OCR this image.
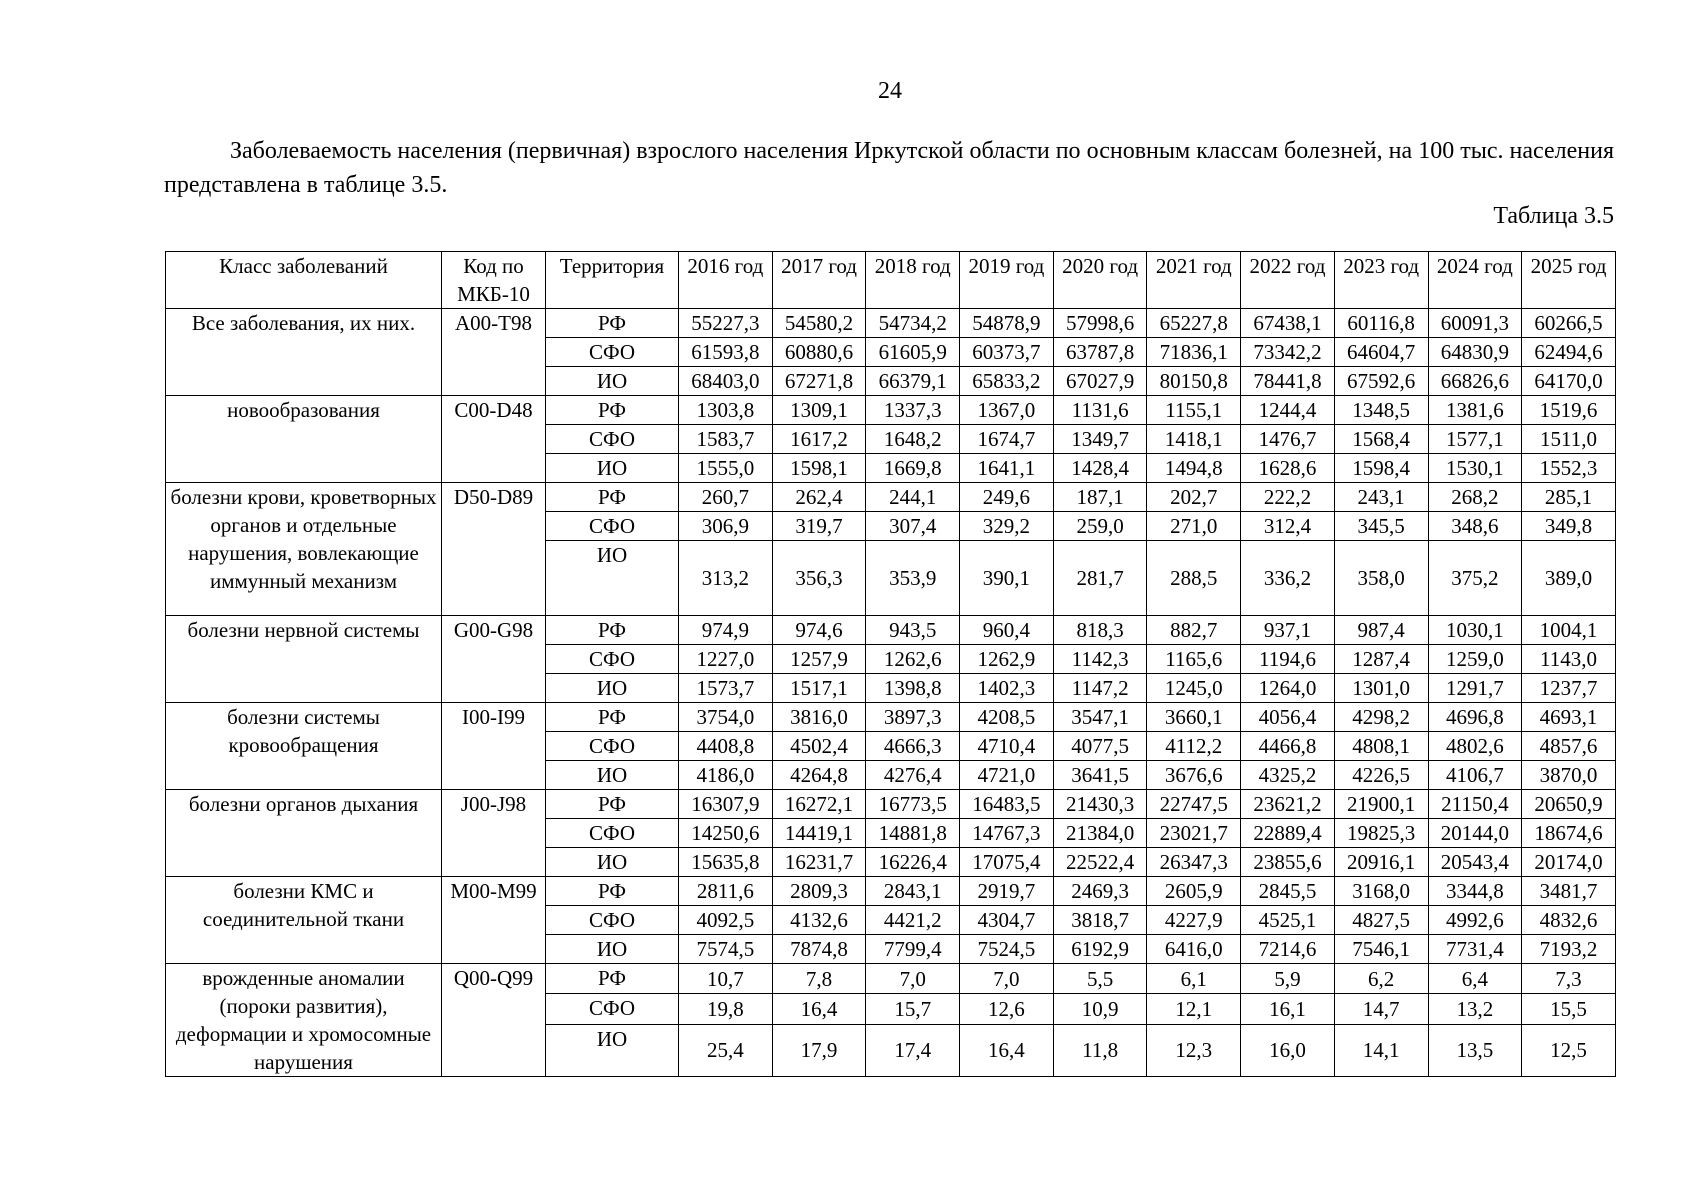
24
Заболеваемость населения (первичная) взрослого населения Иркутской области по основным классам болезней, на 100 тыс. населения представлена в таблице 3.5.
Таблица 3.5
Класс заболеваний	Код по МКБ-10	Территория	2016 год	2017 год	2018 год	2019 год	2020 год	2021 год	2022 год	2023 год	2024 год	2025 год
Все заболевания, их них.	A00-T98	РФ	55227,3	54580,2	54734,2	54878,9	57998,6	65227,8	67438,1	60116,8	60091,3	60266,5
		СФО	61593,8	60880,6	61605,9	60373,7	63787,8	71836,1	73342,2	64604,7	64830,9	62494,6
		ИО	68403,0	67271,8	66379,1	65833,2	67027,9	80150,8	78441,8	67592,6	66826,6	64170,0
новообразования	C00-D48	РФ	1303,8	1309,1	1337,3	1367,0	1131,6	1155,1	1244,4	1348,5	1381,6	1519,6
		СФО	1583,7	1617,2	1648,2	1674,7	1349,7	1418,1	1476,7	1568,4	1577,1	1511,0
		ИО	1555,0	1598,1	1669,8	1641,1	1428,4	1494,8	1628,6	1598,4	1530,1	1552,3
болезни крови, кроветворных органов и отдельные нарушения, вовлекающие иммунный механизм	D50-D89	РФ	260,7	262,4	244,1	249,6	187,1	202,7	222,2	243,1	268,2	285,1
		СФО	306,9	319,7	307,4	329,2	259,0	271,0	312,4	345,5	348,6	349,8
		ИО	313,2	356,3	353,9	390,1	281,7	288,5	336,2	358,0	375,2	389,0
болезни нервной системы	G00-G98	РФ	974,9	974,6	943,5	960,4	818,3	882,7	937,1	987,4	1030,1	1004,1
		СФО	1227,0	1257,9	1262,6	1262,9	1142,3	1165,6	1194,6	1287,4	1259,0	1143,0
		ИО	1573,7	1517,1	1398,8	1402,3	1147,2	1245,0	1264,0	1301,0	1291,7	1237,7
болезни системы кровообращения	I00-I99	РФ	3754,0	3816,0	3897,3	4208,5	3547,1	3660,1	4056,4	4298,2	4696,8	4693,1
		СФО	4408,8	4502,4	4666,3	4710,4	4077,5	4112,2	4466,8	4808,1	4802,6	4857,6
		ИО	4186,0	4264,8	4276,4	4721,0	3641,5	3676,6	4325,2	4226,5	4106,7	3870,0
болезни органов дыхания	J00-J98	РФ	16307,9	16272,1	16773,5	16483,5	21430,3	22747,5	23621,2	21900,1	21150,4	20650,9
		СФО	14250,6	14419,1	14881,8	14767,3	21384,0	23021,7	22889,4	19825,3	20144,0	18674,6
		ИО	15635,8	16231,7	16226,4	17075,4	22522,4	26347,3	23855,6	20916,1	20543,4	20174,0
болезни КМС и соединительной ткани	M00-M99	РФ	2811,6	2809,3	2843,1	2919,7	2469,3	2605,9	2845,5	3168,0	3344,8	3481,7
		СФО	4092,5	4132,6	4421,2	4304,7	3818,7	4227,9	4525,1	4827,5	4992,6	4832,6
		ИО	7574,5	7874,8	7799,4	7524,5	6192,9	6416,0	7214,6	7546,1	7731,4	7193,2
врожденные аномалии (пороки развития), деформации и хромосомные нарушения	Q00-Q99	РФ	10,7	7,8	7,0	7,0	5,5	6,1	5,9	6,2	6,4	7,3
		СФО	19,8	16,4	15,7	12,6	10,9	12,1	16,1	14,7	13,2	15,5
		ИО	25,4	17,9	17,4	16,4	11,8	12,3	16,0	14,1	13,5	12,5
